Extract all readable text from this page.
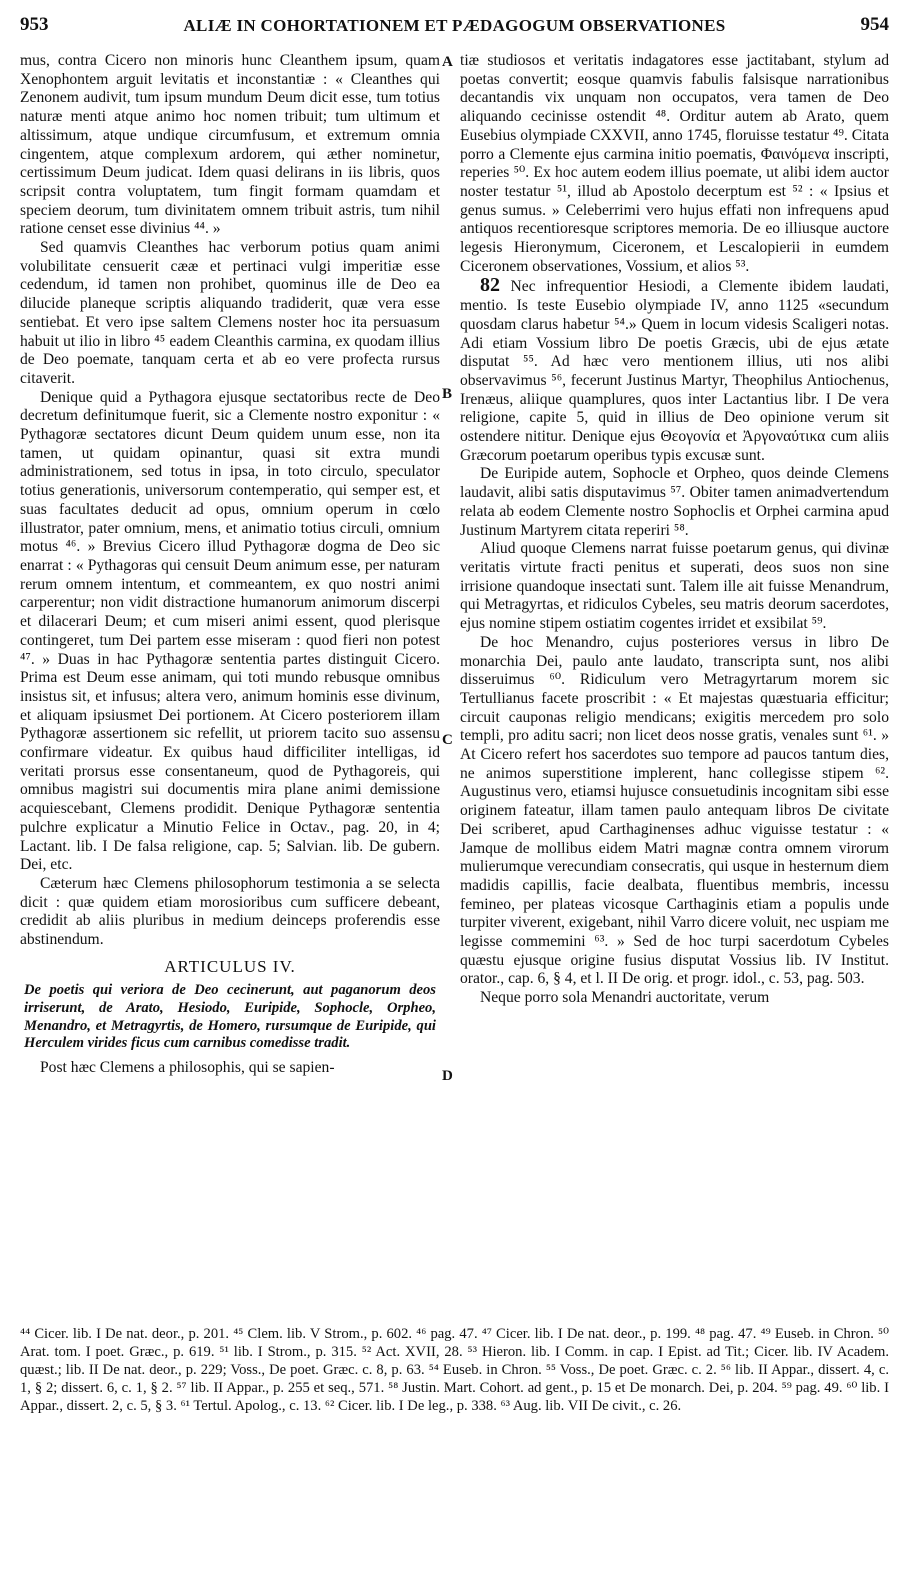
953	ALIÆ IN COHORTATIONEM ET PÆDAGOGUM OBSERVATIONES	954
A
B
C
D

mus, contra Cicero non minoris hunc Cleanthem ipsum, quam Xenophontem arguit levitatis et inconstantiæ : « Cleanthes qui Zenonem audivit, tum ipsum mundum Deum dicit esse, tum totius naturæ menti atque animo hoc nomen tribuit; tum ultimum et altissimum, atque undique circumfusum, et extremum omnia cingentem, atque complexum ardorem, qui æther nominetur, certissimum Deum judicat. Idem quasi delirans in iis libris, quos scripsit contra voluptatem, tum fingit formam quamdam et speciem deorum, tum divinitatem omnem tribuit astris, tum nihil ratione censet esse divinius ⁴⁴. »

Sed quamvis Cleanthes hac verborum potius quam animi volubilitate censuerit cææ et pertinaci vulgi imperitiæ esse cedendum, id tamen non prohibet, quominus ille de Deo ea dilucide planeque scriptis aliquando tradiderit, quæ vera esse sentiebat. Et vero ipse saltem Clemens noster hoc ita persuasum habuit ut ilio in libro ⁴⁵ eadem Cleanthis carmina, ex quodam illius de Deo poemate, tanquam certa et ab eo vere profecta rursus citaverit.

Denique quid a Pythagora ejusque sectatoribus recte de Deo decretum definitumque fuerit, sic a Clemente nostro exponitur : « Pythagoræ sectatores dicunt Deum quidem unum esse, non ita tamen, ut quidam opinantur, quasi sit extra mundi administrationem, sed totus in ipsa, in toto circulo, speculator totius generationis, universorum contemperatio, qui semper est, et suas facultates deducit ad opus, omnium operum in cœlo illustrator, pater omnium, mens, et animatio totius circuli, omnium motus ⁴⁶. » Brevius Cicero illud Pythagoræ dogma de Deo sic enarrat : « Pythagoras qui censuit Deum animum esse, per naturam rerum omnem intentum, et commeantem, ex quo nostri animi carperentur; non vidit distractione humanorum animorum discerpi et dilacerari Deum; et cum miseri animi essent, quod plerisque contingeret, tum Dei partem esse miseram : quod fieri non potest ⁴⁷. » Duas in hac Pythagoræ sententia partes distinguit Cicero. Prima est Deum esse animam, qui toti mundo rebusque omnibus insistus sit, et infusus; altera vero, animum hominis esse divinum, et aliquam ipsiusmet Dei portionem. At Cicero posteriorem illam Pythagoræ assertionem sic refellit, ut priorem tacito suo assensu confirmare videatur. Ex quibus haud difficiliter intelligas, id veritati prorsus esse consentaneum, quod de Pythagoreis, qui omnibus magistri sui documentis mira plane animi demissione acquiescebant, Clemens prodidit. Denique Pythagoræ sententia pulchre explicatur a Minutio Felice in Octav., pag. 20, in 4; Lactant. lib. I De falsa religione, cap. 5; Salvian. lib. De gubern. Dei, etc.

Cæterum hæc Clemens philosophorum testimonia a se selecta dicit : quæ quidem etiam morosioribus cum sufficere debeant, credidit ab aliis pluribus in medium deinceps proferendis esse abstinendum.

ARTICULUS IV.
De poetis qui veriora de Deo cecinerunt, aut paganorum deos irriserunt, de Arato, Hesiodo, Euripide, Sophocle, Orpheo, Menandro, et Metragyrtis, de Homero, rursumque de Euripide, qui Herculem virides ficus cum carnibus comedisse tradit.

Post hæc Clemens a philosophis, qui se sapien-

tiæ studiosos et veritatis indagatores esse jactitabant, stylum ad poetas convertit; eosque quamvis fabulis falsisque narrationibus decantandis vix unquam non occupatos, vera tamen de Deo aliquando cecinisse ostendit ⁴⁸. Orditur autem ab Arato, quem Eusebius olympiade CXXVII, anno 1745, floruisse testatur ⁴⁹. Citata porro a Clemente ejus carmina initio poematis, Φαινόμενα inscripti, reperies ⁵⁰. Ex hoc autem eodem illius poemate, ut alibi idem auctor noster testatur ⁵¹, illud ab Apostolo decerptum est ⁵² : « Ipsius et genus sumus. » Celeberrimi vero hujus effati non infrequens apud antiquos recentioresque scriptores memoria. De eo illiusque auctore legesis Hieronymum, Ciceronem, et Lescalopierii in eumdem Ciceronem observationes, Vossium, et alios ⁵³.

82 Nec infrequentior Hesiodi, a Clemente ibidem laudati, mentio. Is teste Eusebio olympiade IV, anno 1125 «secundum quosdam clarus habetur ⁵⁴.» Quem in locum videsis Scaligeri notas. Adi etiam Vossium libro De poetis Græcis, ubi de ejus ætate disputat ⁵⁵. Ad hæc vero mentionem illius, uti nos alibi observavimus ⁵⁶, fecerunt Justinus Martyr, Theophilus Antiochenus, Irenæus, aliique quamplures, quos inter Lactantius libr. I De vera religione, capite 5, quid in illius de Deo opinione verum sit ostendere nititur. Denique ejus Θεογονία et Ἀργοναύτικα cum aliis Græcorum poetarum operibus typis excusæ sunt.

De Euripide autem, Sophocle et Orpheo, quos deinde Clemens laudavit, alibi satis disputavimus ⁵⁷. Obiter tamen animadvertendum relata ab eodem Clemente nostro Sophoclis et Orphei carmina apud Justinum Martyrem citata reperiri ⁵⁸.

Aliud quoque Clemens narrat fuisse poetarum genus, qui divinæ veritatis virtute fracti penitus et superati, deos suos non sine irrisione quandoque insectati sunt. Talem ille ait fuisse Menandrum, qui Metragyrtas, et ridiculos Cybeles, seu matris deorum sacerdotes, ejus nomine stipem ostiatim cogentes irridet et exsibilat ⁵⁹.

De hoc Menandro, cujus posteriores versus in libro De monarchia Dei, paulo ante laudato, transcripta sunt, nos alibi disseruimus ⁶⁰. Ridiculum vero Metragyrtarum morem sic Tertullianus facete proscribit : « Et majestas quæstuaria efficitur; circuit cauponas religio mendicans; exigitis mercedem pro solo templi, pro aditu sacri; non licet deos nosse gratis, venales sunt ⁶¹. » At Cicero refert hos sacerdotes suo tempore ad paucos tantum dies, ne animos superstitione implerent, hanc collegisse stipem ⁶². Augustinus vero, etiamsi hujusce consuetudinis incognitam sibi esse originem fateatur, illam tamen paulo antequam libros De civitate Dei scriberet, apud Carthaginenses adhuc viguisse testatur : « Jamque de mollibus eidem Matri magnæ contra omnem virorum mulierumque verecundiam consecratis, qui usque in hesternum diem madidis capillis, facie dealbata, fluentibus membris, incessu femineo, per plateas vicosque Carthaginis etiam a populis unde turpiter viverent, exigebant, nihil Varro dicere voluit, nec uspiam me legisse commemini ⁶³. » Sed de hoc turpi sacerdotum Cybeles quæstu ejusque origine fusius disputat Vossius lib. IV Institut. orator., cap. 6, § 4, et l. II De orig. et progr. idol., c. 53, pag. 503.

Neque porro sola Menandri auctoritate, verum

⁴⁴ Cicer. lib. I De nat. deor., p. 201. ⁴⁵ Clem. lib. V Strom., p. 602. ⁴⁶ pag. 47. ⁴⁷ Cicer. lib. I De nat. deor., p. 199. ⁴⁸ pag. 47. ⁴⁹ Euseb. in Chron. ⁵⁰ Arat. tom. I poet. Græc., p. 619. ⁵¹ lib. I Strom., p. 315. ⁵² Act. XVII, 28. ⁵³ Hieron. lib. I Comm. in cap. I Epist. ad Tit.; Cicer. lib. IV Academ. quæst.; lib. II De nat. deor., p. 229; Voss., De poet. Græc. c. 8, p. 63. ⁵⁴ Euseb. in Chron. ⁵⁵ Voss., De poet. Græc. c. 2. ⁵⁶ lib. II Appar., dissert. 4, c. 1, § 2; dissert. 6, c. 1, § 2. ⁵⁷ lib. II Appar., p. 255 et seq., 571. ⁵⁸ Justin. Mart. Cohort. ad gent., p. 15 et De monarch. Dei, p. 204. ⁵⁹ pag. 49. ⁶⁰ lib. I Appar., dissert. 2, c. 5, § 3. ⁶¹ Tertul. Apolog., c. 13. ⁶² Cicer. lib. I De leg., p. 338. ⁶³ Aug. lib. VII De civit., c. 26.
